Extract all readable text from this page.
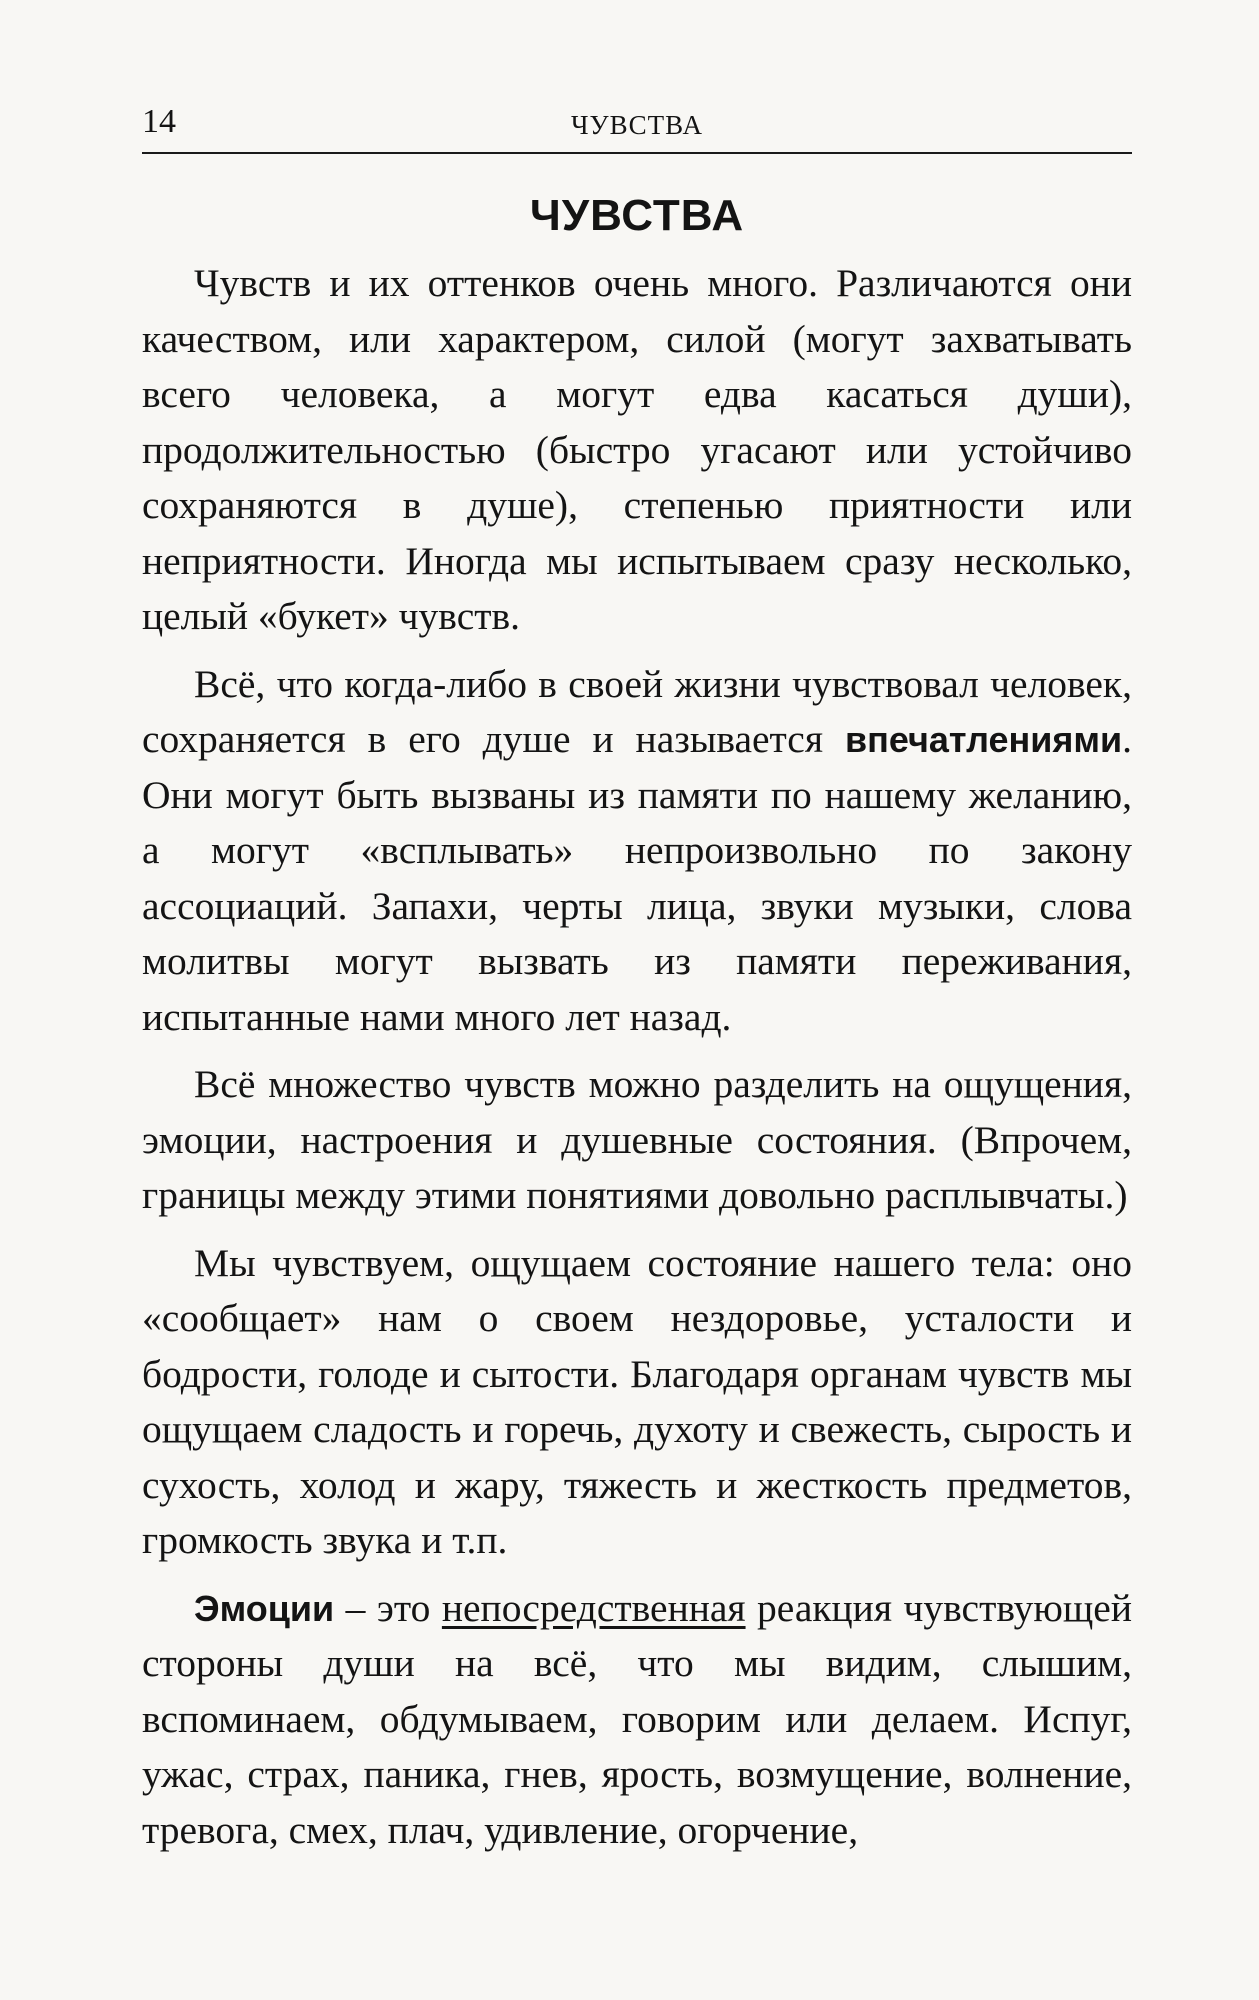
14	ЧУВСТВА
ЧУВСТВА

Чувств и их оттенков очень много. Различаются они качеством, или характером, силой (могут захватывать всего человека, а могут едва касаться души), продолжительностью (быстро угасают или устойчиво сохраняются в душе), степенью приятности или неприятности. Иногда мы испытываем сразу несколько, целый «букет» чувств.

Всё, что когда-либо в своей жизни чувствовал человек, сохраняется в его душе и называется впечатлениями. Они могут быть вызваны из памяти по нашему желанию, а могут «всплывать» непроизвольно по закону ассоциаций. Запахи, черты лица, звуки музыки, слова молитвы могут вызвать из памяти переживания, испытанные нами много лет назад.

Всё множество чувств можно разделить на ощущения, эмоции, настроения и душевные состояния. (Впрочем, границы между этими понятиями довольно расплывчаты.)

Мы чувствуем, ощущаем состояние нашего тела: оно «сообщает» нам о своем нездоровье, усталости и бодрости, голоде и сытости. Благодаря органам чувств мы ощущаем сладость и горечь, духоту и свежесть, сырость и сухость, холод и жару, тяжесть и жесткость предметов, громкость звука и т.п.

Эмоции – это непосредственная реакция чувствующей стороны души на всё, что мы видим, слышим, вспоминаем, обдумываем, говорим или делаем. Испуг, ужас, страх, паника, гнев, ярость, возмущение, волнение, тревога, смех, плач, удивление, огорчение,
